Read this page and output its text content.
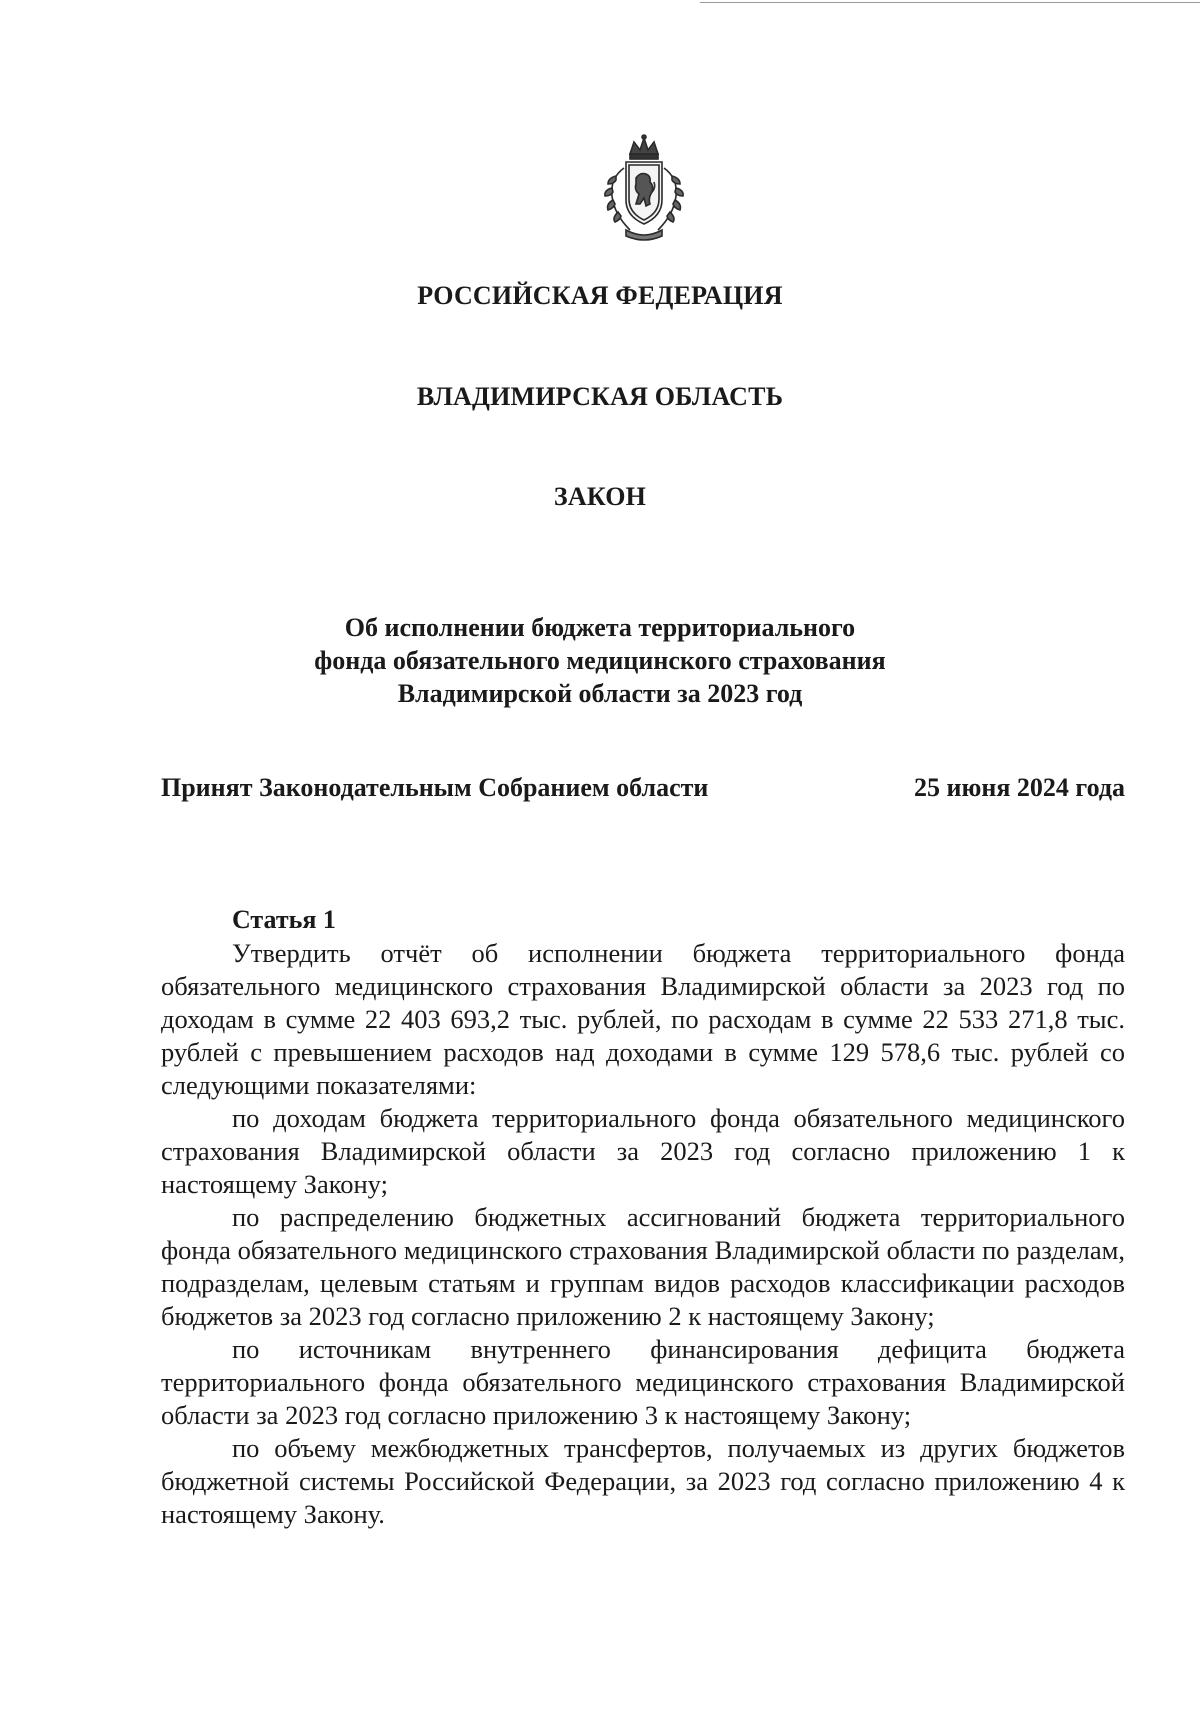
РОССИЙСКАЯ ФЕДЕРАЦИЯ
ВЛАДИМИРСКАЯ ОБЛАСТЬ
ЗАКОН
Об исполнении бюджета территориального
фонда обязательного медицинского страхования
Владимирской области за 2023 год
Принят Законодательным Собранием области	25 июня 2024 года
Статья 1

Утвердить отчёт об исполнении бюджета территориального фонда обязательного медицинского страхования Владимирской области за 2023 год по доходам в сумме 22 403 693,2 тыс. рублей, по расходам в сумме 22 533 271,8 тыс. рублей с превышением расходов над доходами в сумме 129 578,6 тыс. рублей со следующими показателями:

по доходам бюджета территориального фонда обязательного медицинского страхования Владимирской области за 2023 год согласно приложению 1 к настоящему Закону;

по распределению бюджетных ассигнований бюджета территориального фонда обязательного медицинского страхования Владимирской области по разделам, подразделам, целевым статьям и группам видов расходов классификации расходов бюджетов за 2023 год согласно приложению 2 к настоящему Закону;

по источникам внутреннего финансирования дефицита бюджета территориального фонда обязательного медицинского страхования Владимирской области за 2023 год согласно приложению 3 к настоящему Закону;

по объему межбюджетных трансфертов, получаемых из других бюджетов бюджетной системы Российской Федерации, за 2023 год согласно приложению 4 к настоящему Закону.
